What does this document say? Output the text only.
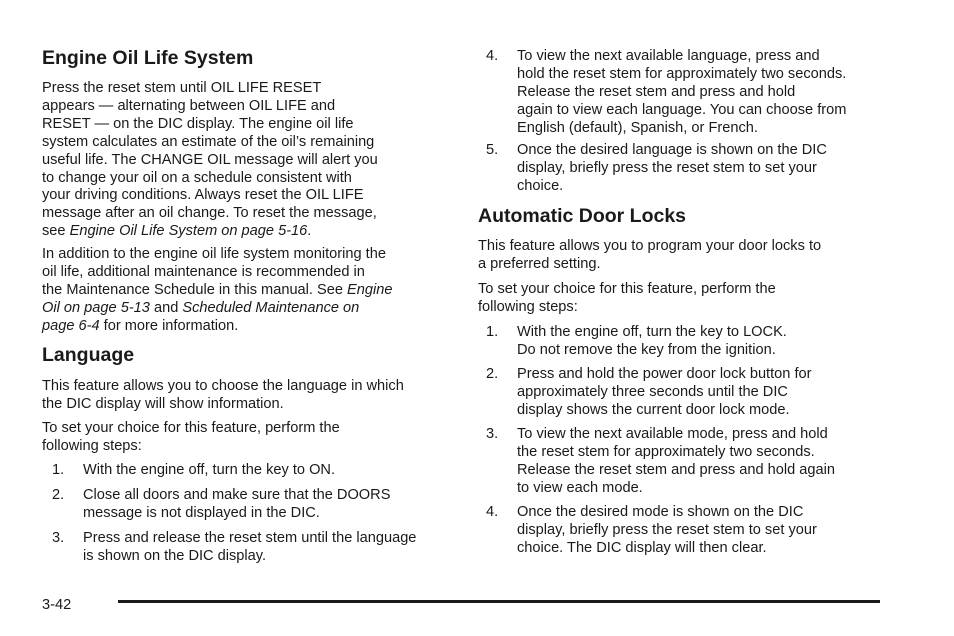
Engine Oil Life System
Press the reset stem until OIL LIFE RESET
appears — alternating between OIL LIFE and
RESET — on the DIC display. The engine oil life
system calculates an estimate of the oil’s remaining
useful life. The CHANGE OIL message will alert you
to change your oil on a schedule consistent with
your driving conditions. Always reset the OIL LIFE
message after an oil change. To reset the message,
see Engine Oil Life System on page 5-16.
In addition to the engine oil life system monitoring the
oil life, additional maintenance is recommended in
the Maintenance Schedule in this manual. See Engine
Oil on page 5-13 and Scheduled Maintenance on
page 6-4 for more information.
Language
This feature allows you to choose the language in which
the DIC display will show information.
To set your choice for this feature, perform the
following steps:
1. With the engine off, turn the key to ON.
2. Close all doors and make sure that the DOORS
message is not displayed in the DIC.
3. Press and release the reset stem until the language
is shown on the DIC display.
4. To view the next available language, press and
hold the reset stem for approximately two seconds.
Release the reset stem and press and hold
again to view each language. You can choose from
English (default), Spanish, or French.
5. Once the desired language is shown on the DIC
display, briefly press the reset stem to set your
choice.
Automatic Door Locks
This feature allows you to program your door locks to
a preferred setting.
To set your choice for this feature, perform the
following steps:
1. With the engine off, turn the key to LOCK.
Do not remove the key from the ignition.
2. Press and hold the power door lock button for
approximately three seconds until the DIC
display shows the current door lock mode.
3. To view the next available mode, press and hold
the reset stem for approximately two seconds.
Release the reset stem and press and hold again
to view each mode.
4. Once the desired mode is shown on the DIC
display, briefly press the reset stem to set your
choice. The DIC display will then clear.
3-42
